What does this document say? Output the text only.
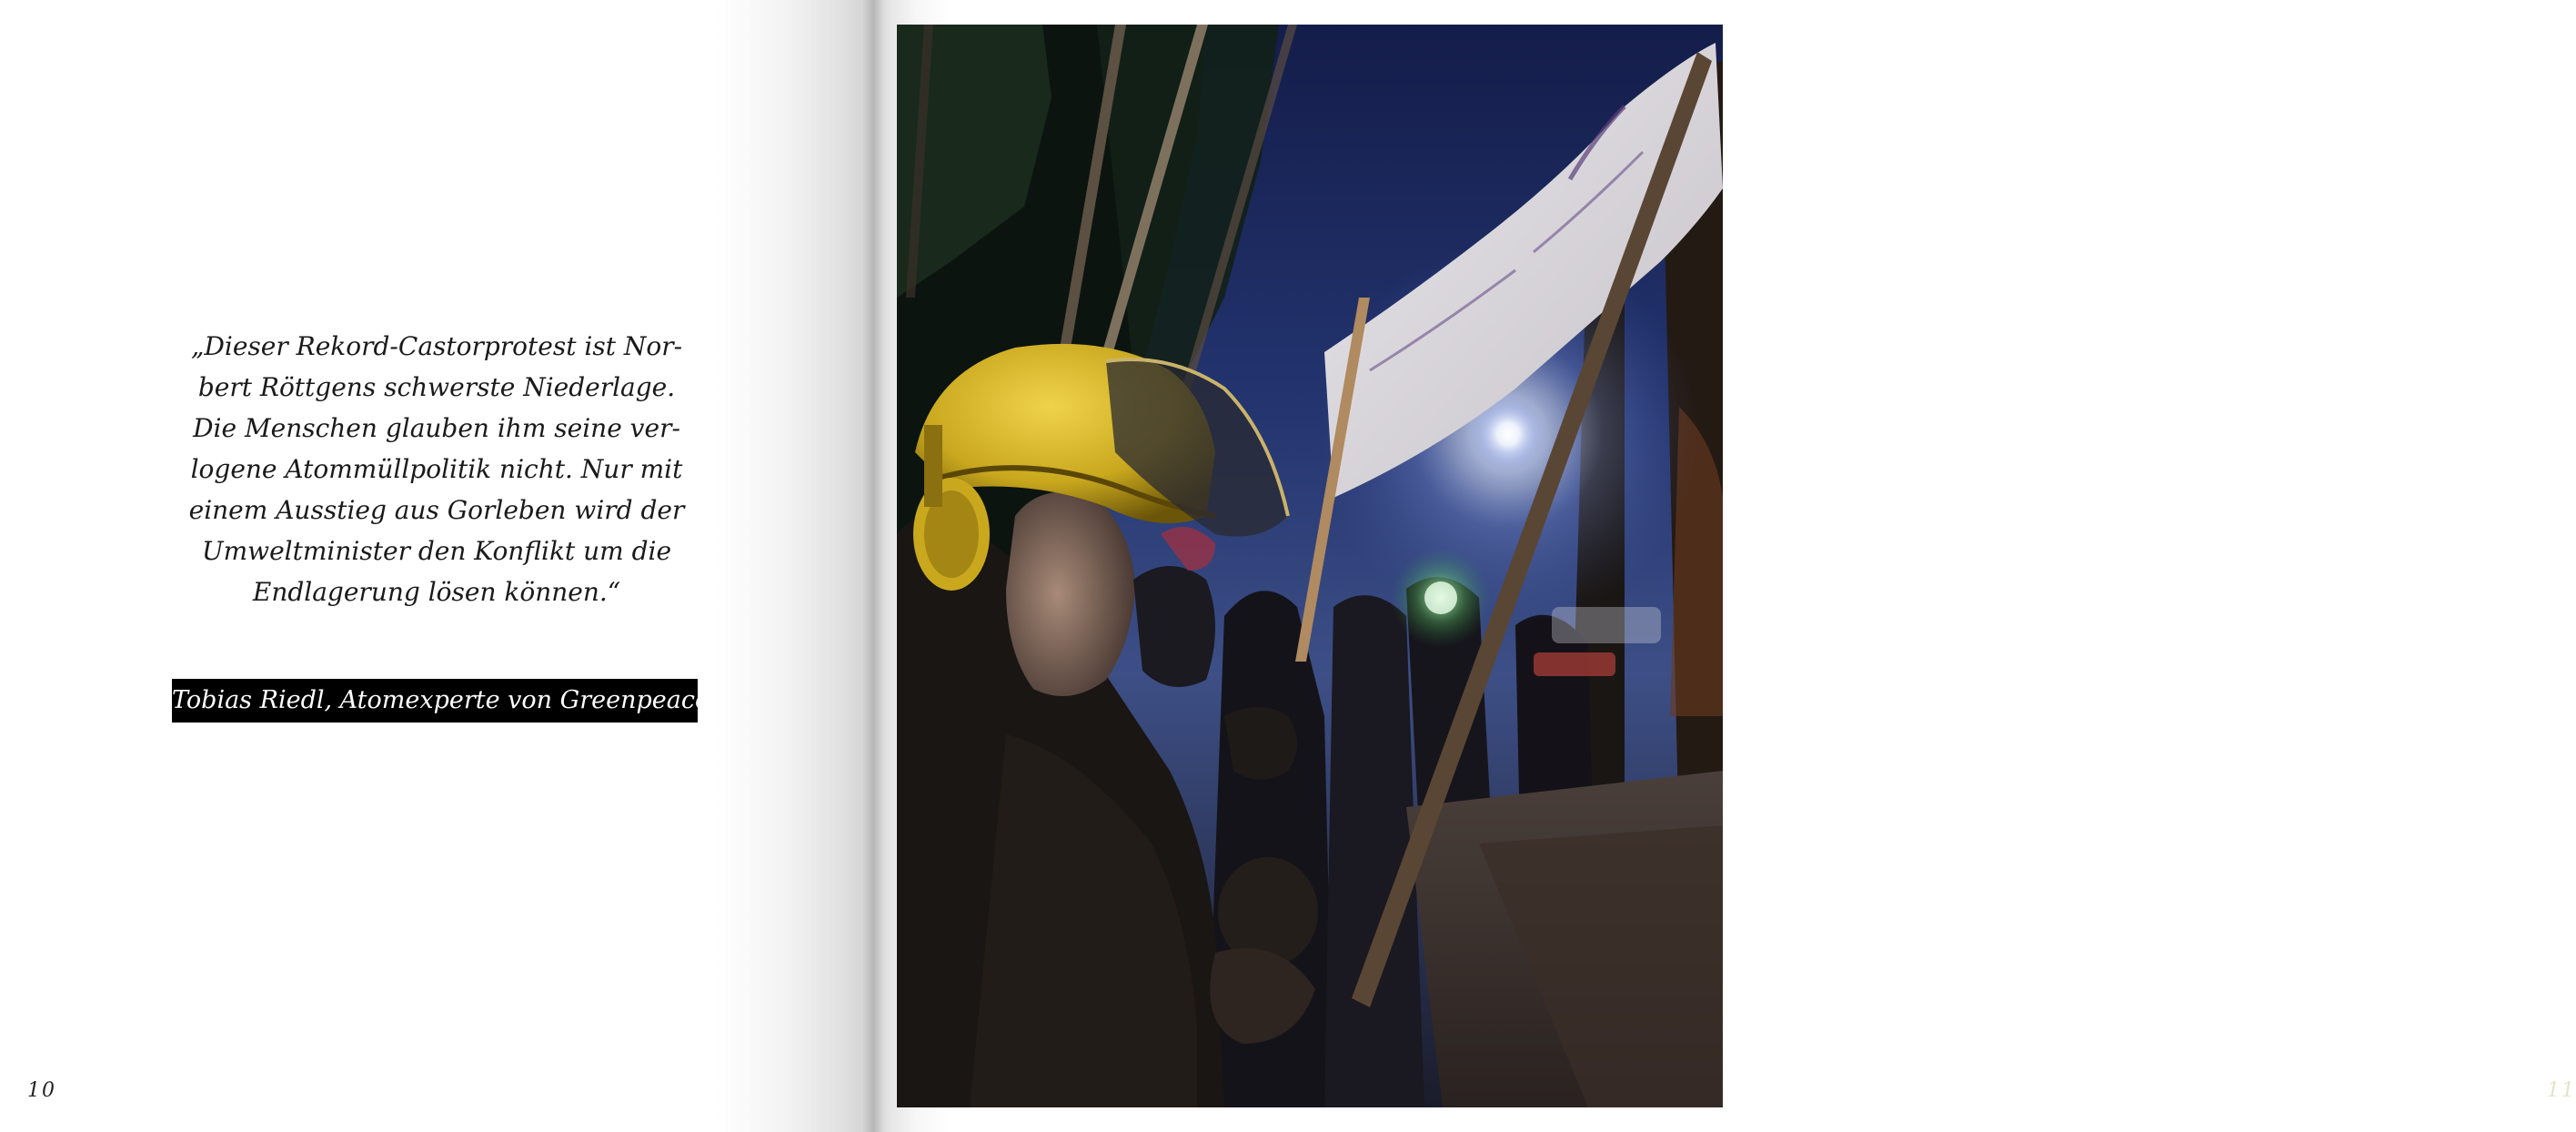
„Dieser Rekord-Castorprotest ist Nor-
bert Röttgens schwerste Niederlage.
Die Menschen glauben ihm seine ver-
logene Atommüllpolitik nicht. Nur mit
einem Ausstieg aus Gorleben wird der
Umweltminister den Konflikt um die
Endlagerung lösen können.“

Tobias Riedl, Atomexperte von Greenpeace
10	11
